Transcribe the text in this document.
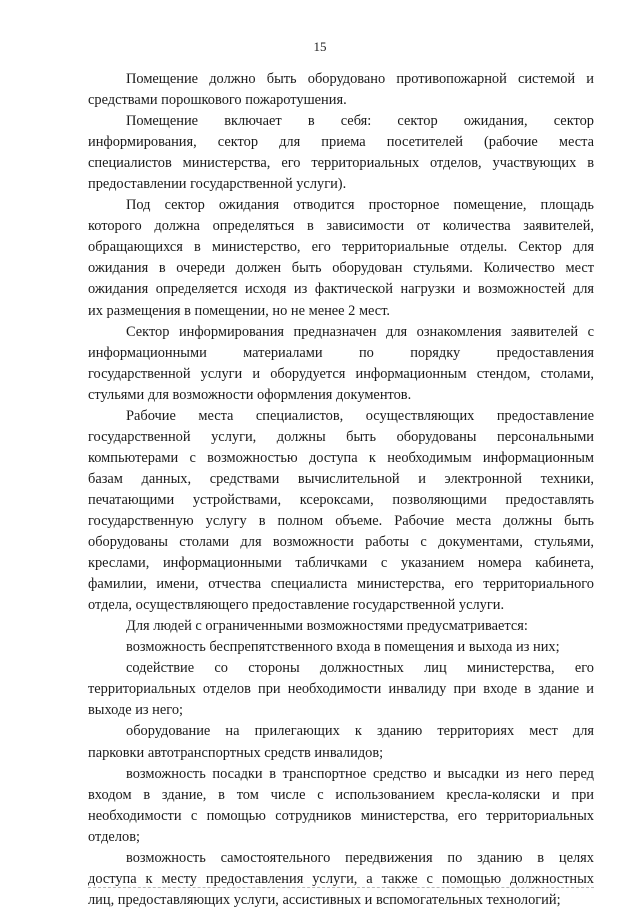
15
Помещение должно быть оборудовано противопожарной системой и
средствами порошкового пожаротушения.
Помещение включает в себя: сектор ожидания, сектор
информирования, сектор для приема посетителей (рабочие места
специалистов министерства, его территориальных отделов, участвующих в
предоставлении государственной услуги).
Под сектор ожидания отводится просторное помещение, площадь
которого должна определяться в зависимости от количества заявителей,
обращающихся в министерство, его территориальные отделы. Сектор для
ожидания в очереди должен быть оборудован стульями. Количество мест
ожидания определяется исходя из фактической нагрузки и возможностей для
их размещения в помещении, но не менее 2 мест.
Сектор информирования предназначен для ознакомления заявителей с
информационными материалами по порядку предоставления
государственной услуги и оборудуется информационным стендом, столами,
стульями для возможности оформления документов.
Рабочие места специалистов, осуществляющих предоставление
государственной услуги, должны быть оборудованы персональными
компьютерами с возможностью доступа к необходимым информационным
базам данных, средствами вычислительной и электронной техники,
печатающими устройствами, ксероксами, позволяющими предоставлять
государственную услугу в полном объеме. Рабочие места должны быть
оборудованы столами для возможности работы с документами, стульями,
креслами, информационными табличками с указанием номера кабинета,
фамилии, имени, отчества специалиста министерства, его территориального
отдела, осуществляющего предоставление государственной услуги.
Для людей с ограниченными возможностями предусматривается:
возможность беспрепятственного входа в помещения и выхода из них;
содействие со стороны должностных лиц министерства, его
территориальных отделов при необходимости инвалиду при входе в здание и
выходе из него;
оборудование на прилегающих к зданию территориях мест для
парковки автотранспортных средств инвалидов;
возможность посадки в транспортное средство и высадки из него перед
входом в здание, в том числе с использованием кресла-коляски и при
необходимости с помощью сотрудников министерства, его территориальных
отделов;
возможность самостоятельного передвижения по зданию в целях
доступа к месту предоставления услуги, а также с помощью должностных
лиц, предоставляющих услуги, ассистивных и вспомогательных технологий;
